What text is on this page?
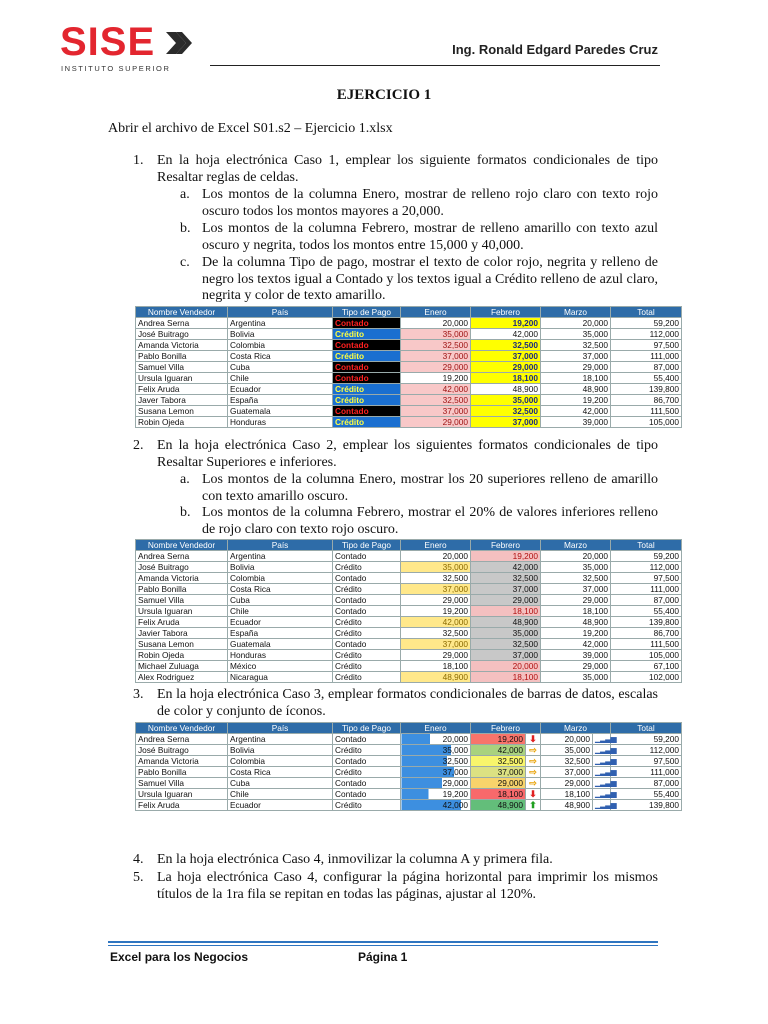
SISE
INSTITUTO SUPERIOR
Ing. Ronald Edgard Paredes Cruz
EJERCICIO 1
Abrir el archivo de Excel S01.s2 – Ejercicio 1.xlsx
1. En la hoja electrónica Caso 1, emplear los siguiente formatos condicionales de tipo Resaltar reglas de celdas.
a. Los montos de la columna Enero, mostrar de relleno rojo claro con texto rojo oscuro todos los montos mayores a 20,000.
b. Los montos de la columna Febrero, mostrar de relleno amarillo con texto azul oscuro y negrita, todos los montos entre 15,000 y 40,000.
c. De la columna Tipo de pago, mostrar el texto de color rojo, negrita y relleno de negro los textos igual a Contado y los textos igual a Crédito relleno de azul claro, negrita y color de texto amarillo.
Nombre Vendedor	País	Tipo de Pago	Enero	Febrero	Marzo	Total
Andrea Serna	Argentina	Contado	20,000	19,200	20,000	59,200
José Buitrago	Bolivia	Crédito	35,000	42,000	35,000	112,000
Amanda Victoria	Colombia	Contado	32,500	32,500	32,500	97,500
Pablo Bonilla	Costa Rica	Crédito	37,000	37,000	37,000	111,000
Samuel Villa	Cuba	Contado	29,000	29,000	29,000	87,000
Ursula Iguaran	Chile	Contado	19,200	18,100	18,100	55,400
Felix Aruda	Ecuador	Crédito	42,000	48,900	48,900	139,800
Javer Tabora	España	Crédito	32,500	35,000	19,200	86,700
Susana Lemon	Guatemala	Contado	37,000	32,500	42,000	111,500
Robin Ojeda	Honduras	Crédito	29,000	37,000	39,000	105,000
2. En la hoja electrónica Caso 2, emplear los siguientes formatos condicionales de tipo Resaltar Superiores e inferiores.
a. Los montos de la columna Enero, mostrar los 20 superiores relleno de amarillo con texto amarillo oscuro.
b. Los montos de la columna Febrero, mostrar el 20% de valores inferiores relleno de rojo claro con texto rojo oscuro.
Nombre Vendedor	País	Tipo de Pago	Enero	Febrero	Marzo	Total
Andrea Serna	Argentina	Contado	20,000	19,200	20,000	59,200
José Buitrago	Bolivia	Crédito	35,000	42,000	35,000	112,000
Amanda Victoria	Colombia	Contado	32,500	32,500	32,500	97,500
Pablo Bonilla	Costa Rica	Crédito	37,000	37,000	37,000	111,000
Samuel Villa	Cuba	Contado	29,000	29,000	29,000	87,000
Ursula Iguaran	Chile	Contado	19,200	18,100	18,100	55,400
Felix Aruda	Ecuador	Crédito	42,000	48,900	48,900	139,800
Javier Tabora	España	Crédito	32,500	35,000	19,200	86,700
Susana Lemon	Guatemala	Contado	37,000	32,500	42,000	111,500
Robin Ojeda	Honduras	Crédito	29,000	37,000	39,000	105,000
Michael Zuluaga	México	Crédito	18,100	20,000	29,000	67,100
Alex Rodriguez	Nicaragua	Crédito	48,900	18,100	35,000	102,000
3. En la hoja electrónica Caso 3, emplear formatos condicionales de barras de datos, escalas de color y conjunto de íconos.
Nombre Vendedor	País	Tipo de Pago	Enero	Febrero		Marzo		Total
Andrea Serna	Argentina	Contado	20,000	19,200	⬇	20,000	▁▂▃▅	59,200
José Buitrago	Bolivia	Crédito	35,000	42,000	⇨	35,000	▁▂▃▅	112,000
Amanda Victoria	Colombia	Contado	32,500	32,500	⇨	32,500	▁▂▃▅	97,500
Pablo Bonilla	Costa Rica	Crédito	37,000	37,000	⇨	37,000	▁▂▃▅	111,000
Samuel Villa	Cuba	Contado	29,000	29,000	⇨	29,000	▁▂▃▅	87,000
Ursula Iguaran	Chile	Contado	19,200	18,100	⬇	18,100	▁▂▃▅	55,400
Felix Aruda	Ecuador	Crédito	42,000	48,900	⬆	48,900	▁▂▃▅	139,800
4. En la hoja electrónica Caso 4, inmovilizar la columna A y primera fila.
5. La hoja electrónica Caso 4, configurar la página horizontal para imprimir los mismos títulos de la 1ra fila se repitan en todas las páginas, ajustar al 120%.
Excel para los Negocios	Página 1
